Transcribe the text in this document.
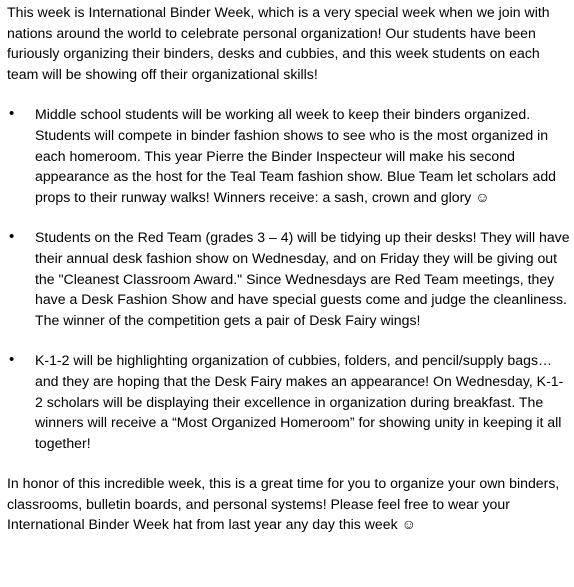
This week is International Binder Week, which is a very special week when we join with nations around the world to celebrate personal organization! Our students have been furiously organizing their binders, desks and cubbies, and this week students on each team will be showing off their organizational skills!

•	Middle school students will be working all week to keep their binders organized. Students will compete in binder fashion shows to see who is the most organized in each homeroom. This year Pierre the Binder Inspecteur will make his second appearance as the host for the Teal Team fashion show. Blue Team let scholars add props to their runway walks! Winners receive: a sash, crown and glory ☺
•	Students on the Red Team (grades 3 – 4) will be tidying up their desks! They will have their annual desk fashion show on Wednesday, and on Friday they will be giving out the "Cleanest Classroom Award." Since Wednesdays are Red Team meetings, they have a Desk Fashion Show and have special guests come and judge the cleanliness. The winner of the competition gets a pair of Desk Fairy wings!
•	K-1-2 will be highlighting organization of cubbies, folders, and pencil/supply bags…and they are hoping that the Desk Fairy makes an appearance! On Wednesday, K-1-2 scholars will be displaying their excellence in organization during breakfast. The winners will receive a “Most Organized Homeroom” for showing unity in keeping it all together!

In honor of this incredible week, this is a great time for you to organize your own binders, classrooms, bulletin boards, and personal systems! Please feel free to wear your International Binder Week hat from last year any day this week ☺
